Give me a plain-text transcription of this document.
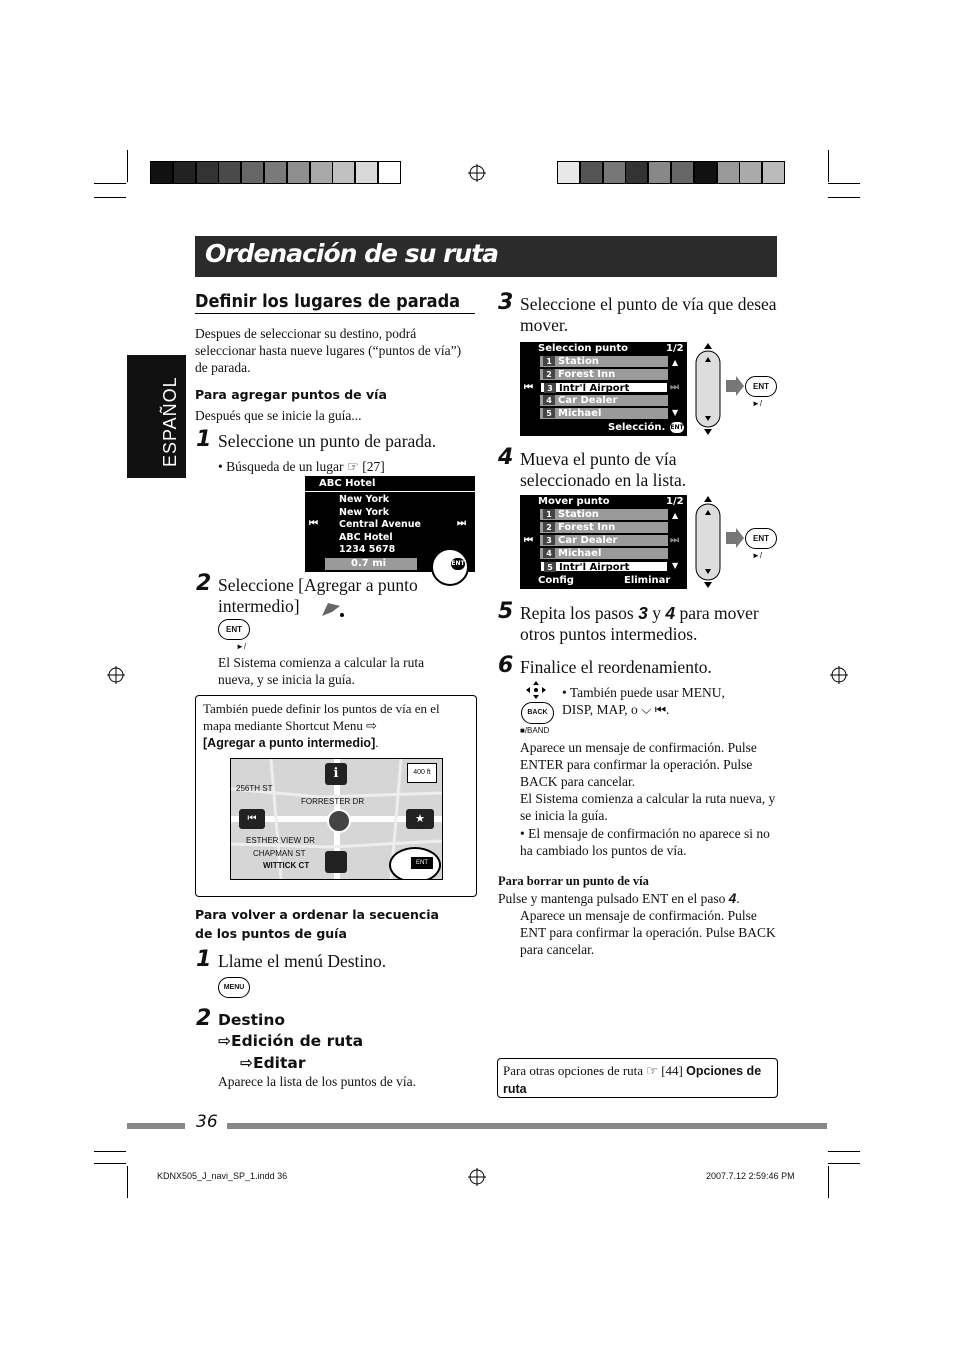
Ordenación de su ruta
ESPAÑOL
Definir los lugares de parada
Despues de seleccionar su destino, podrá seleccionar hasta nueve lugares (“puntos de vía”) de parada.
Para agregar puntos de vía
Después que se inicie la guía...
1 Seleccione un punto de parada.
• Búsqueda de un lugar ☞ [27]
ABC Hotel
⏮	⏭
New York
New York
Central Avenue
ABC Hotel
1234 5678
0.7 mi	ENT
2 Seleccione [Agregar a punto intermedio]
ENT
►/
El Sistema comienza a calcular la ruta nueva, y se inicia la guía.
También puede definir los puntos de vía en el mapa mediante Shortcut Menu ⇨
[Agregar a punto intermedio].
256TH ST
FORRESTER DR
ESTHER VIEW DR
CHAPMAN ST
WITTICK CT
ℹ
⏮	★
400 ft
ENT
Para volver a ordenar la secuencia de los puntos de guía
1 Llame el menú Destino.
MENU
2 Destino
⇨Edición de ruta
⇨Editar
Aparece la lista de los puntos de vía.
3 Seleccione el punto de vía que desea mover.
Seleccion punto	1/2
⏮	⏭
▲
▼
1 Station
2 Forest Inn
3 Intr'l Airport
4 Car Dealer
5 Michael
Selección. ENT
ENT
►/
4 Mueva el punto de vía seleccionado en la lista.
Mover punto	1/2
⏮	⏭
▲
▼
1 Station
2 Forest Inn
3 Car Dealer
4 Michael
5 Intr'l Airport
Config	Eliminar
ENT
►/
5 Repita los pasos 3 y 4 para mover otros puntos intermedios.
6 Finalice el reordenamiento.
• También puede usar MENU, DISP, MAP, o ⌵ ⏮.
BACK
■/BAND
Aparece un mensaje de confirmación. Pulse ENTER para confirmar la operación. Pulse BACK para cancelar.
El Sistema comienza a calcular la ruta nueva, y se inicia la guía.
• El mensaje de confirmación no aparece si no ha cambiado los puntos de vía.
Para borrar un punto de vía
Pulse y mantenga pulsado ENT en el paso 4.
Aparece un mensaje de confirmación. Pulse ENT para confirmar la operación. Pulse BACK para cancelar.
Para otras opciones de ruta ☞ [44] Opciones de ruta
36
KDNX505_J_navi_SP_1.indd 36	2007.7.12 2:59:46 PM
